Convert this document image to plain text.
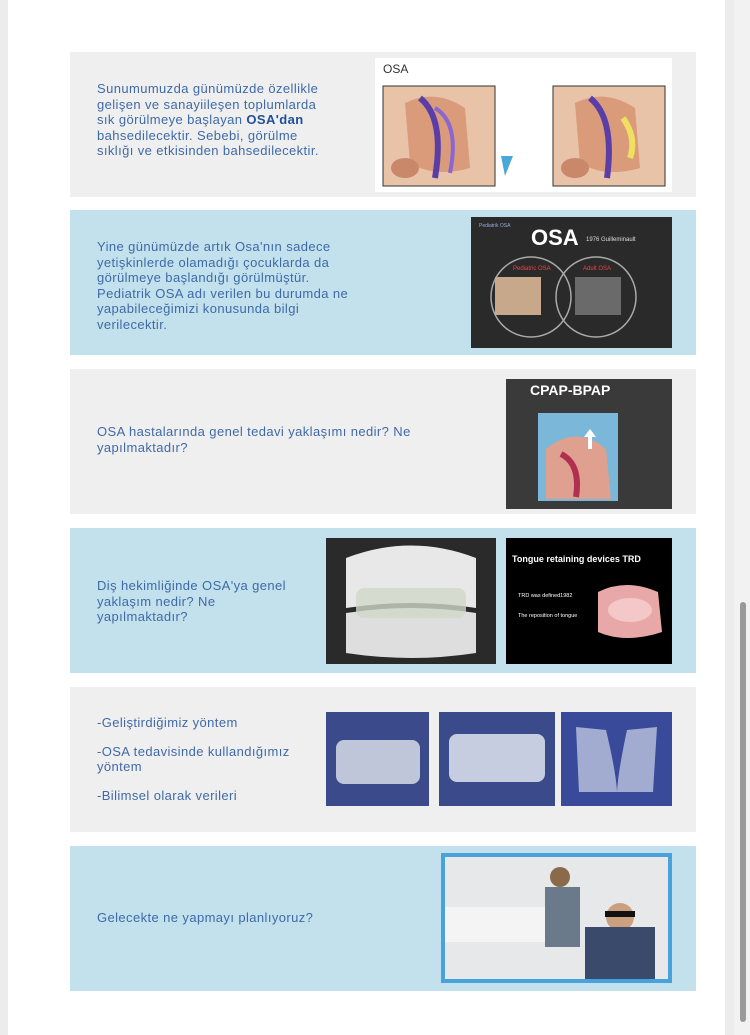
Sunumumuzda günümüzde özellikle gelişen ve sanayiileşen toplumlarda sık görülmeye başlayan OSA'dan bahsedilecektir. Sebebi, görülme sıklığı ve etkisinden bahsedilecektir.

OSA
Yine günümüzde artık Osa'nın sadece yetişkinlerde olamadığı çocuklarda da görülmeye başlandığı görülmüştür. Pediatrik OSA adı verilen bu durumda ne yapabileceğimizi konusunda bilgi verilecektir.
Pediatrik OSA OSA 1976 Guilleminault
Pediatric OSA	Adult OSA
OSA hastalarında genel tedavi yaklaşımı nedir? Ne yapılmaktadır?
CPAP-BPAP
Diş hekimliğinde OSA'ya genel yaklaşım nedir? Ne yapılmaktadır?
Tongue retaining devices TRD
TRD was defined1982
The reposition of tongue

-Geliştirdiğimiz yöntem

-OSA tedavisinde kullandığımız yöntem

-Bilimsel olarak verileri

Gelecekte ne yapmayı planlıyoruz?
